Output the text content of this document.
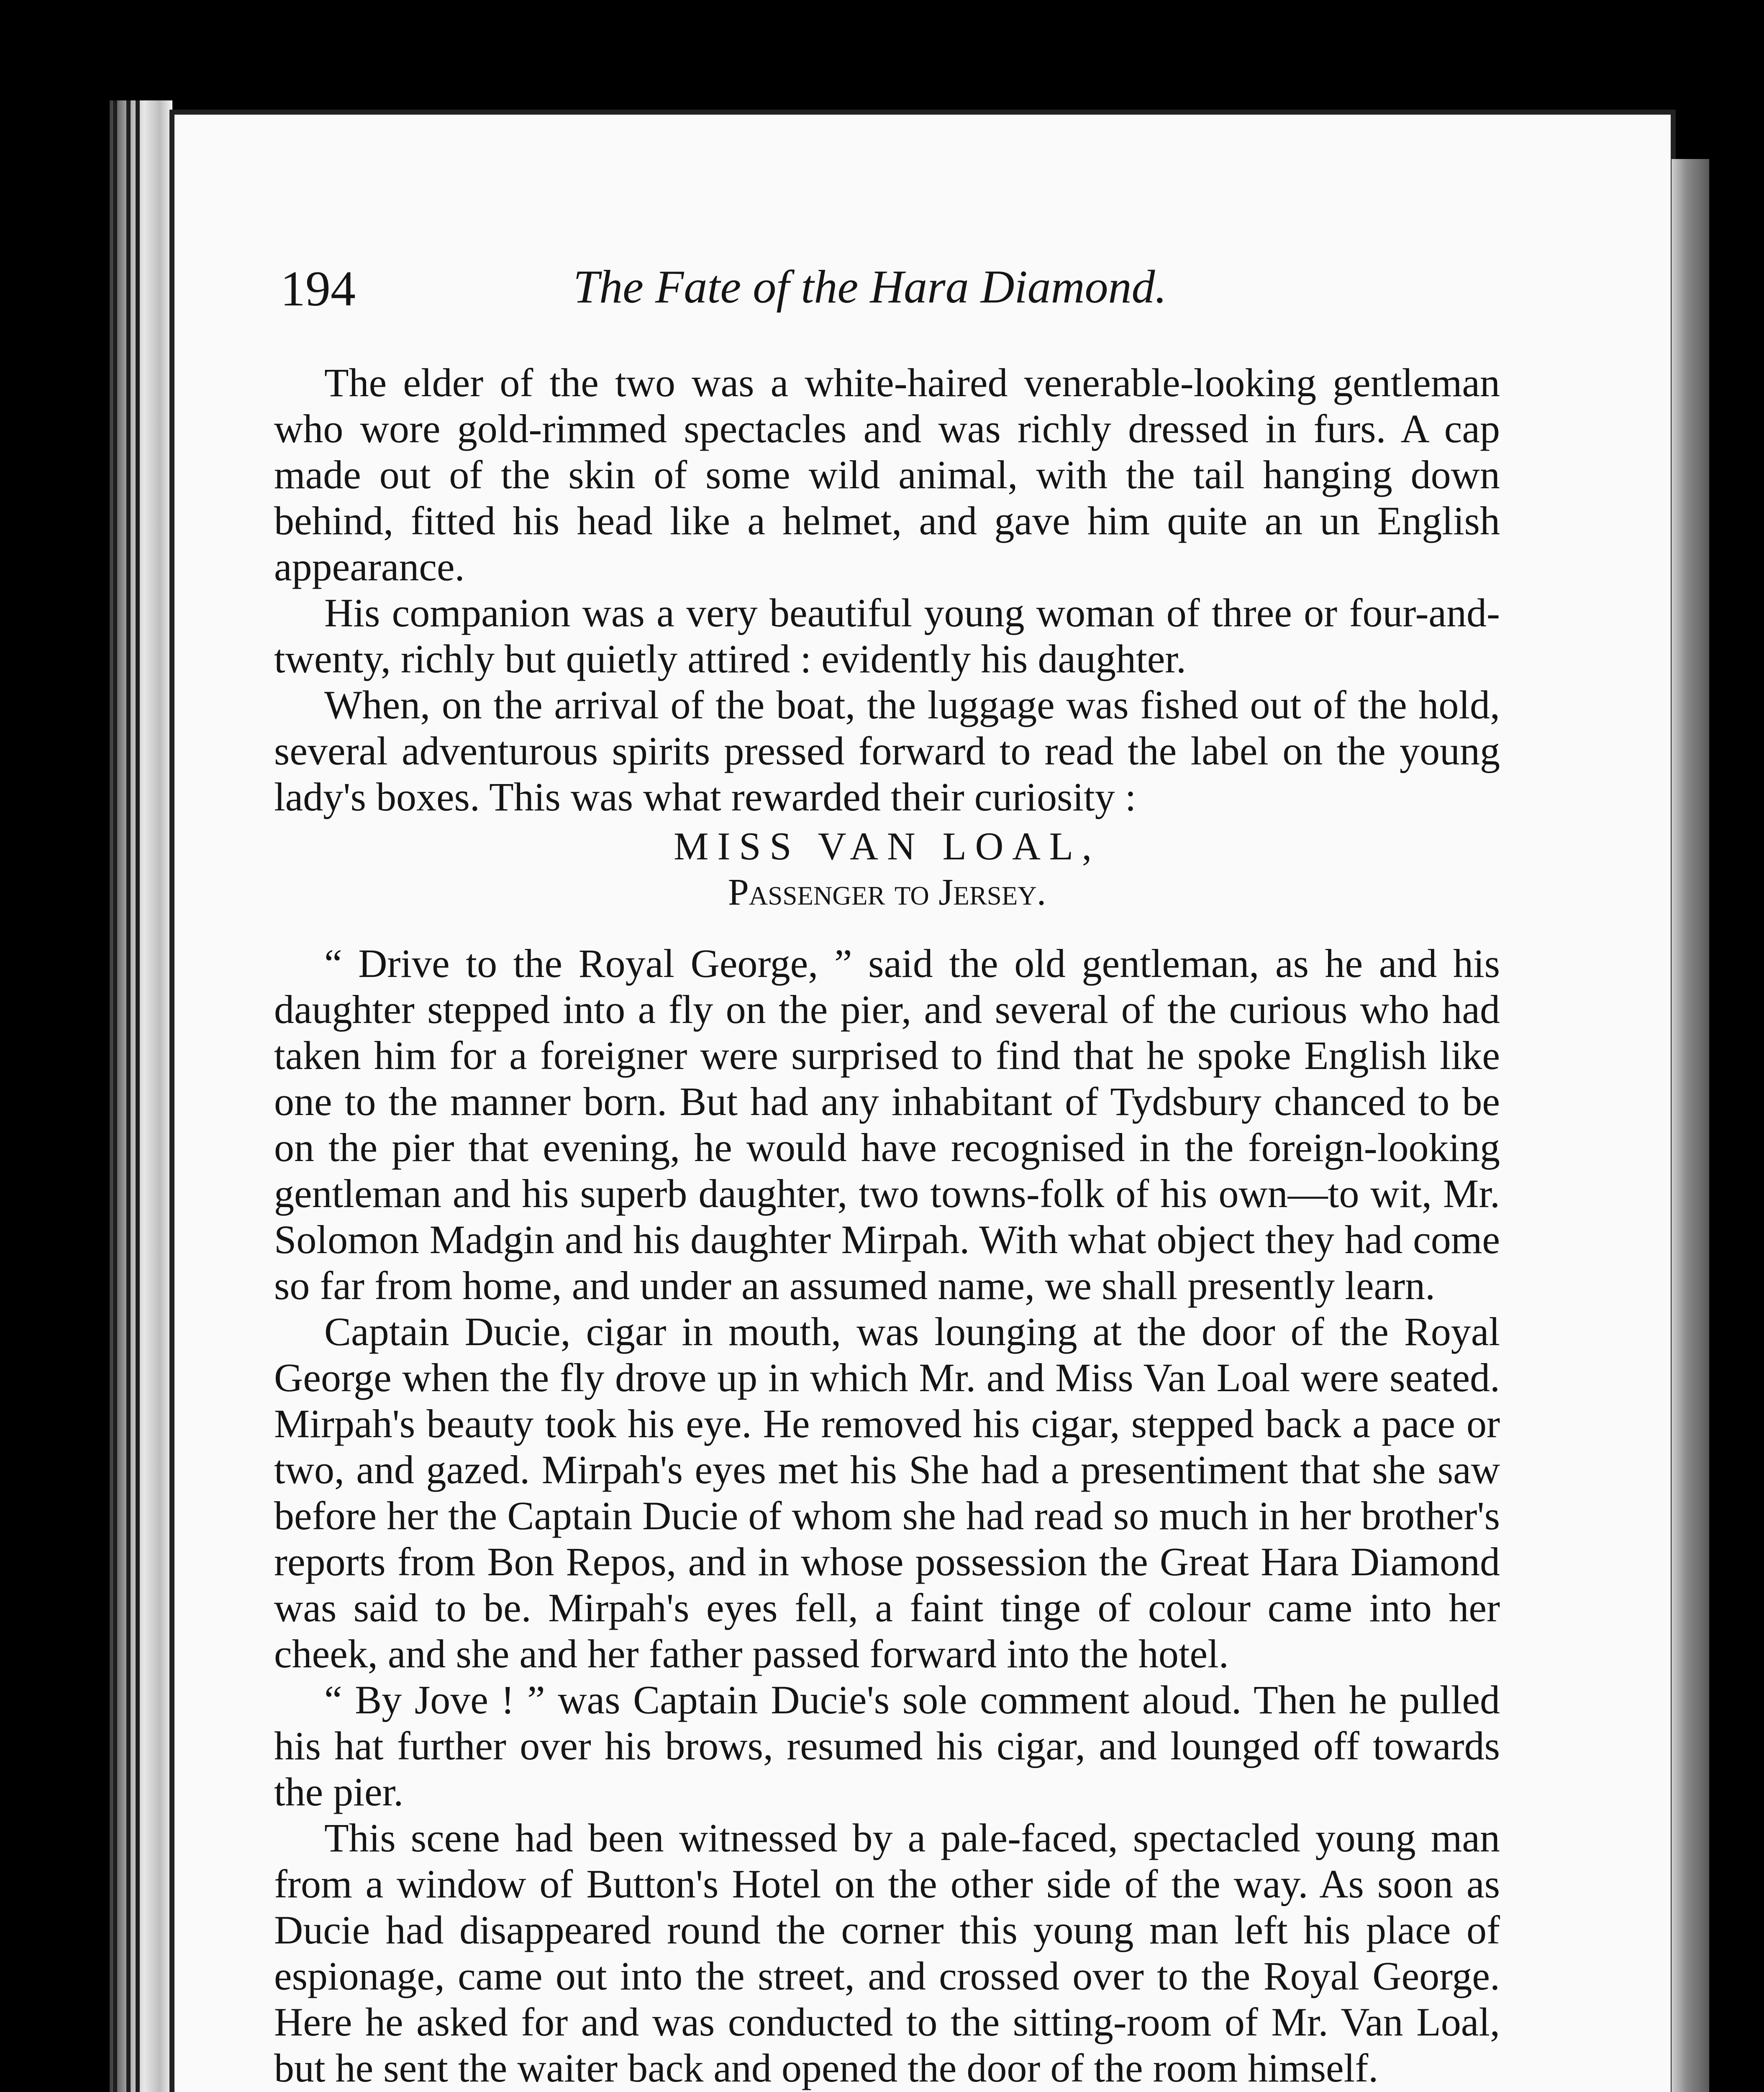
194	The Fate of the Hara Diamond.

The elder of the two was a white-haired venerable-looking gentleman who wore gold-rimmed spectacles and was richly dressed in furs. A cap made out of the skin of some wild animal, with the tail hanging down behind, fitted his head like a helmet, and gave him quite an un English appearance.

His companion was a very beautiful young woman of three or four-and-twenty, richly but quietly attired : evidently his daughter.

When, on the arrival of the boat, the luggage was fished out of the hold, several adventurous spirits pressed forward to read the label on the young lady's boxes. This was what rewarded their curiosity :

MISS VAN LOAL,

Passenger to Jersey.

“ Drive to the Royal George, ” said the old gentleman, as he and his daughter stepped into a fly on the pier, and several of the curious who had taken him for a foreigner were surprised to find that he spoke English like one to the manner born. But had any inhabitant of Tydsbury chanced to be on the pier that evening, he would have recognised in the foreign-looking gentleman and his superb daughter, two towns-folk of his own—to wit, Mr. Solomon Madgin and his daughter Mirpah. With what object they had come so far from home, and under an assumed name, we shall presently learn.

Captain Ducie, cigar in mouth, was lounging at the door of the Royal George when the fly drove up in which Mr. and Miss Van Loal were seated. Mirpah's beauty took his eye. He removed his cigar, stepped back a pace or two, and gazed. Mirpah's eyes met his She had a presentiment that she saw before her the Captain Ducie of whom she had read so much in her brother's reports from Bon Repos, and in whose possession the Great Hara Diamond was said to be. Mirpah's eyes fell, a faint tinge of colour came into her cheek, and she and her father passed forward into the hotel.

“ By Jove ! ” was Captain Ducie's sole comment aloud. Then he pulled his hat further over his brows, resumed his cigar, and lounged off towards the pier.

This scene had been witnessed by a pale-faced, spectacled young man from a window of Button's Hotel on the other side of the way. As soon as Ducie had disappeared round the corner this young man left his place of espionage, came out into the street, and crossed over to the Royal George. Here he asked for and was conducted to the sitting-room of Mr. Van Loal, but he sent the waiter back and opened the door of the room himself.
